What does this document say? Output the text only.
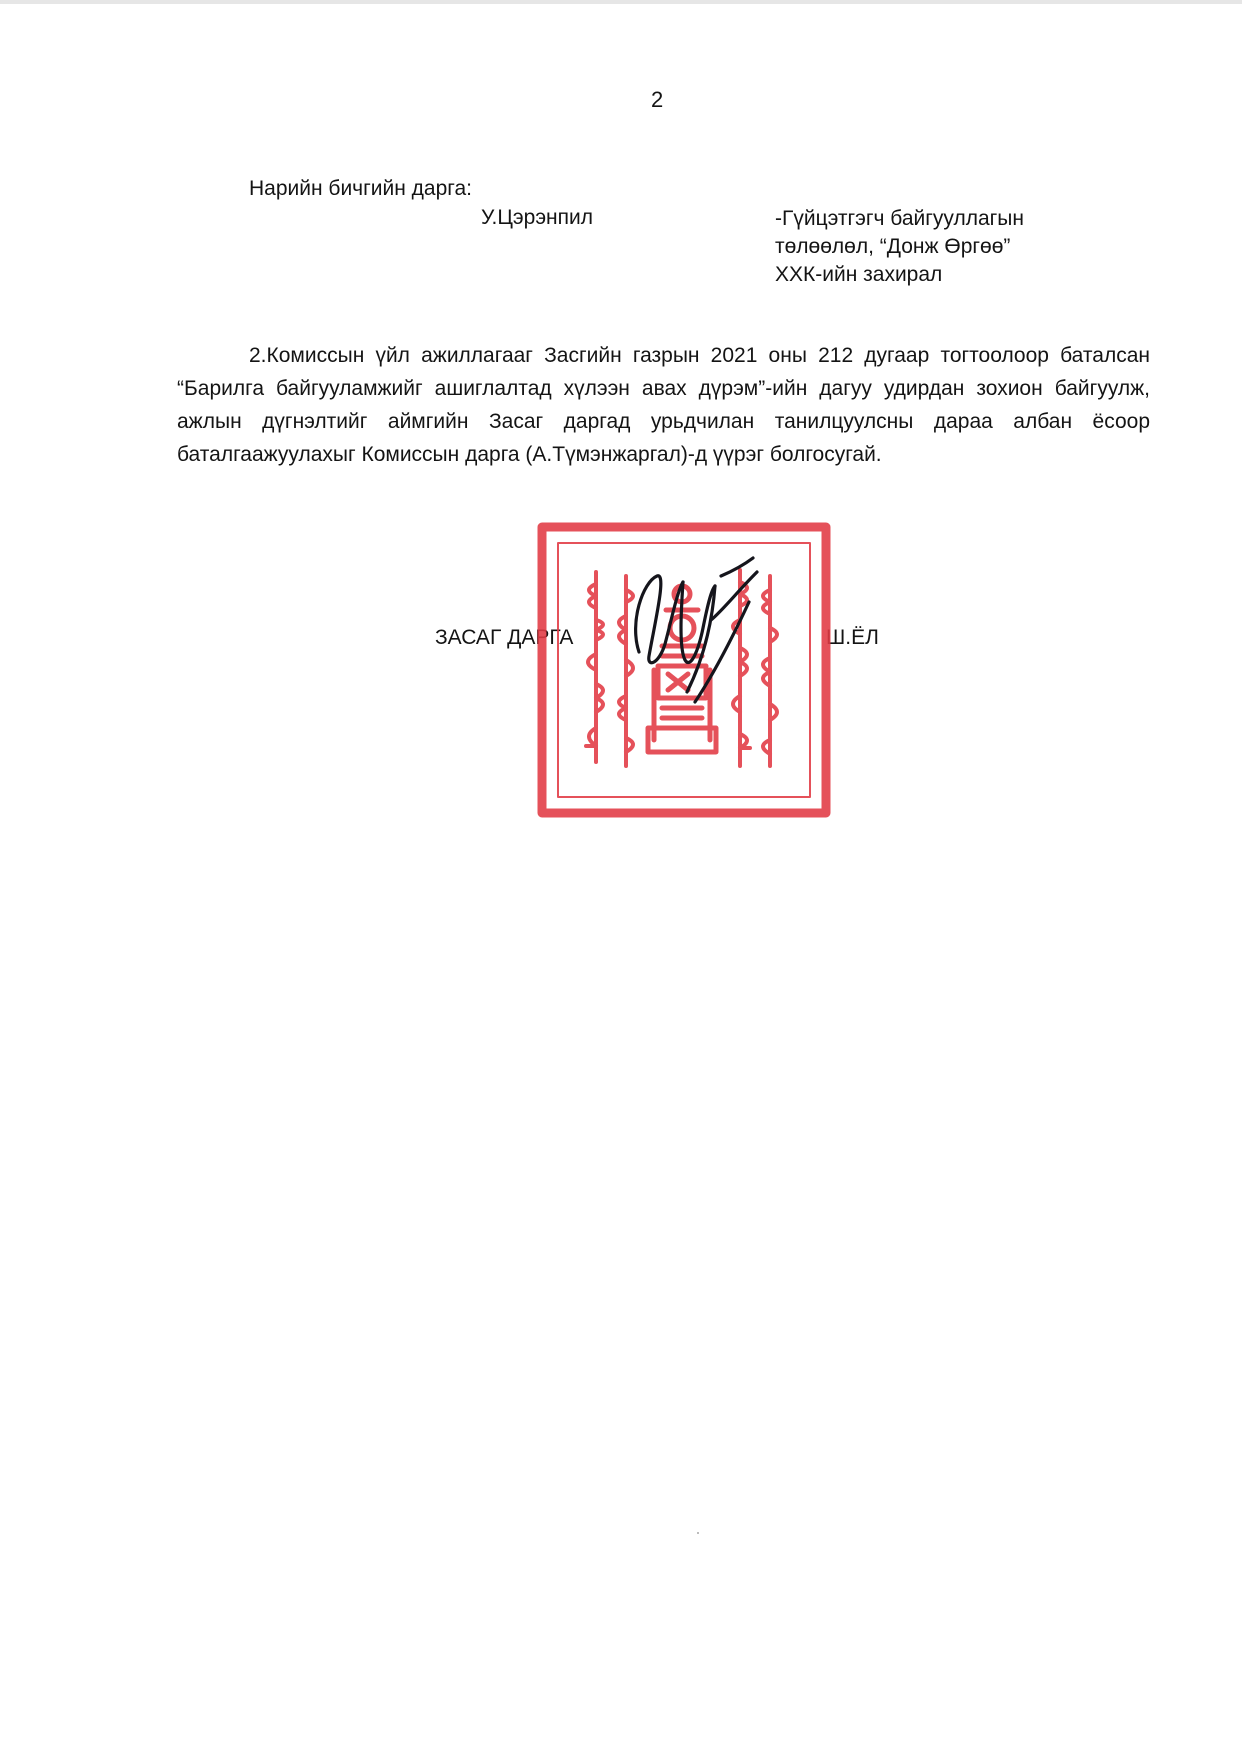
2
Нарийн бичгийн дарга:
У.Цэрэнпил	-Гүйцэтгэгч байгууллагын
төлөөлөл, “Донж Өргөө”
ХХК-ийн захирал

2.Комиссын үйл ажиллагааг Засгийн газрын 2021 оны 212 дугаар тогтоолоор баталсан “Барилга байгууламжийг ашиглалтад хүлээн авах дүрэм”-ийн дагуу удирдан зохион байгуулж, ажлын дүгнэлтийг аймгийн Засаг даргад урьдчилан танилцуулсны дараа албан ёсоор баталгаажуулахыг Комиссын дарга (А.Түмэнжаргал)-д үүрэг болгосугай.

ЗАСАГ ДАРГА	Ш.ЁЛ
